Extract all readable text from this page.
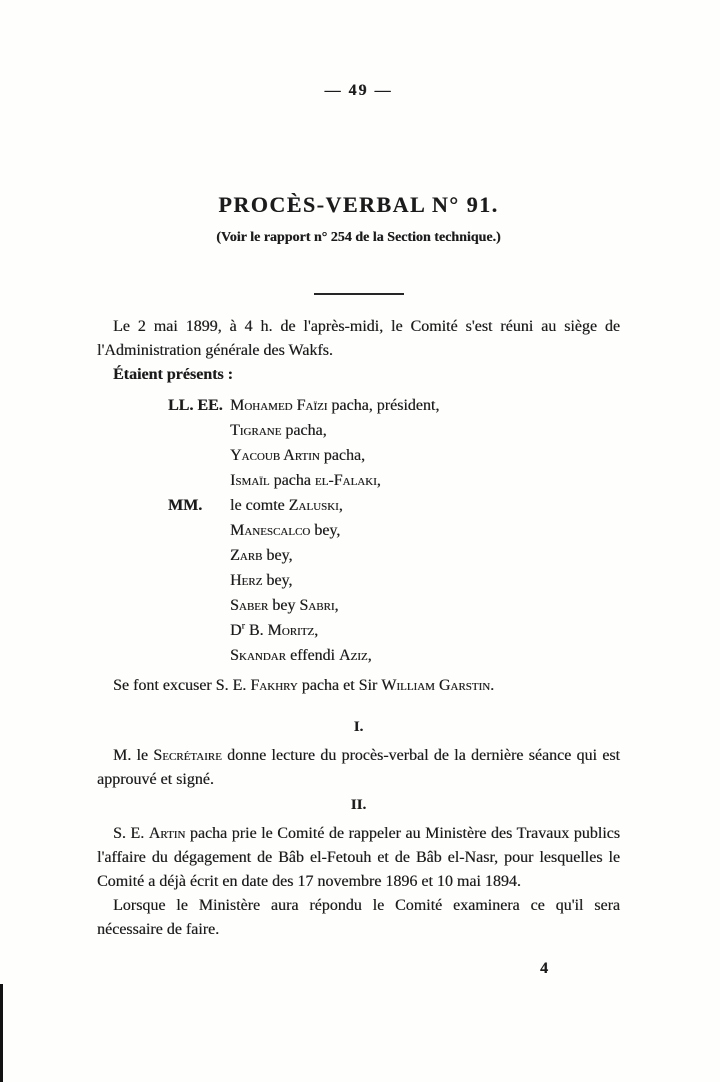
— 49 —
PROCÈS-VERBAL N° 91.
(Voir le rapport n° 254 de la Section technique.)

Le 2 mai 1899, à 4 h. de l'après-midi, le Comité s'est réuni au siège de l'Administration générale des Wakfs.

Étaient présents :

LL. EE. Mohamed Faïzi pacha, président,
Tigrane pacha,
Yacoub Artin pacha,
Ismaïl pacha el-Falaki,
MM. le comte Zaluski,
Manescalco bey,
Zarb bey,
Herz bey,
Saber bey Sabri,
$D^r$ B. Moritz,
Skandar effendi Aziz,

Se font excuser S. E. Fakhry pacha et Sir William Garstin.

I.

M. le Secrétaire donne lecture du procès-verbal de la dernière séance qui est approuvé et signé.

II.

S. E. Artin pacha prie le Comité de rappeler au Ministère des Travaux publics l'affaire du dégagement de Bâb el-Fetouh et de Bâb el-Nasr, pour lesquelles le Comité a déjà écrit en date des 17 novembre 1896 et 10 mai 1894.

Lorsque le Ministère aura répondu le Comité examinera ce qu'il sera nécessaire de faire.

4
